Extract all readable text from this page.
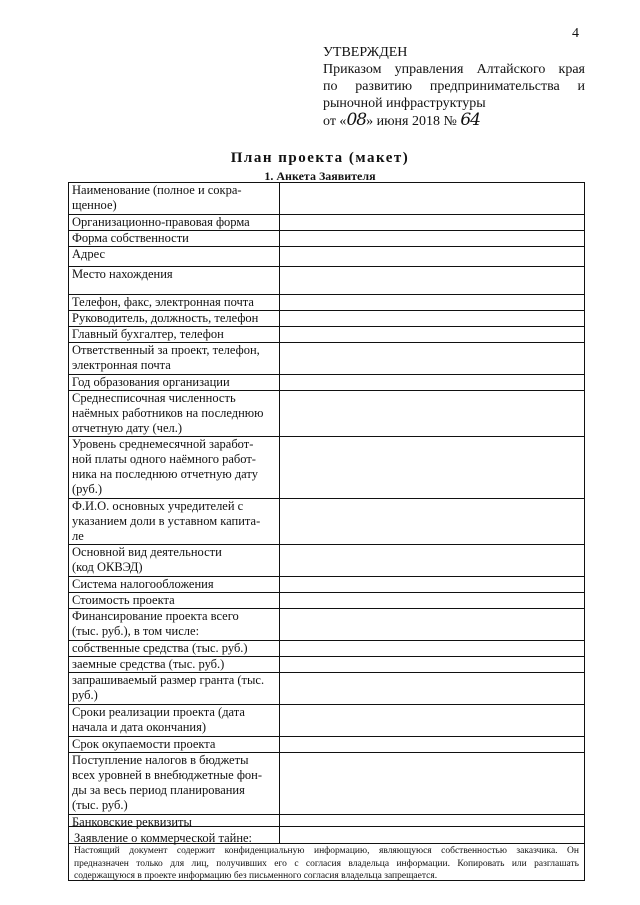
4
УТВЕРЖДЕН
Приказом управления Алтайского края
по развитию предпринимательства и
рыночной инфраструктуры
от «08» июня 2018 № 64
План проекта (макет)
1. Анкета Заявителя
Наименование (полное и сокра-
щенное)	
Организационно-правовая форма	
Форма собственности	
Адрес	
Место нахождения	
Телефон, факс, электронная почта	
Руководитель, должность, телефон	
Главный бухгалтер, телефон	
Ответственный за проект, телефон,
электронная почта	
Год образования организации	
Среднесписочная численность
наёмных работников на последнюю
отчетную дату (чел.)	
Уровень среднемесячной заработ-
ной платы одного наёмного работ-
ника на последнюю отчетную дату
(руб.)	
Ф.И.О. основных учредителей с
указанием доли в уставном капита-
ле	
Основной вид деятельности
(код ОКВЭД)	
Система налогообложения	
Стоимость проекта	
Финансирование проекта всего
(тыс. руб.), в том числе:	
собственные средства (тыс. руб.)	
заемные средства (тыс. руб.)	
запрашиваемый размер гранта (тыс.
руб.)	
Сроки реализации проекта (дата
начала и дата окончания)	
Срок окупаемости проекта	
Поступление налогов в бюджеты
всех уровней в внебюджетные фон-
ды за весь период планирования
(тыс. руб.)	
Банковские реквизиты	
Заявление о коммерческой тайне:
Настоящий документ содержит конфиденциальную информацию, являющуюся собственностью заказчика. Он предназначен только для лиц, получивших его с согласия владельца информации. Копировать или разглашать содержащуюся в проекте информацию без письменного согласия владельца запрещается.
